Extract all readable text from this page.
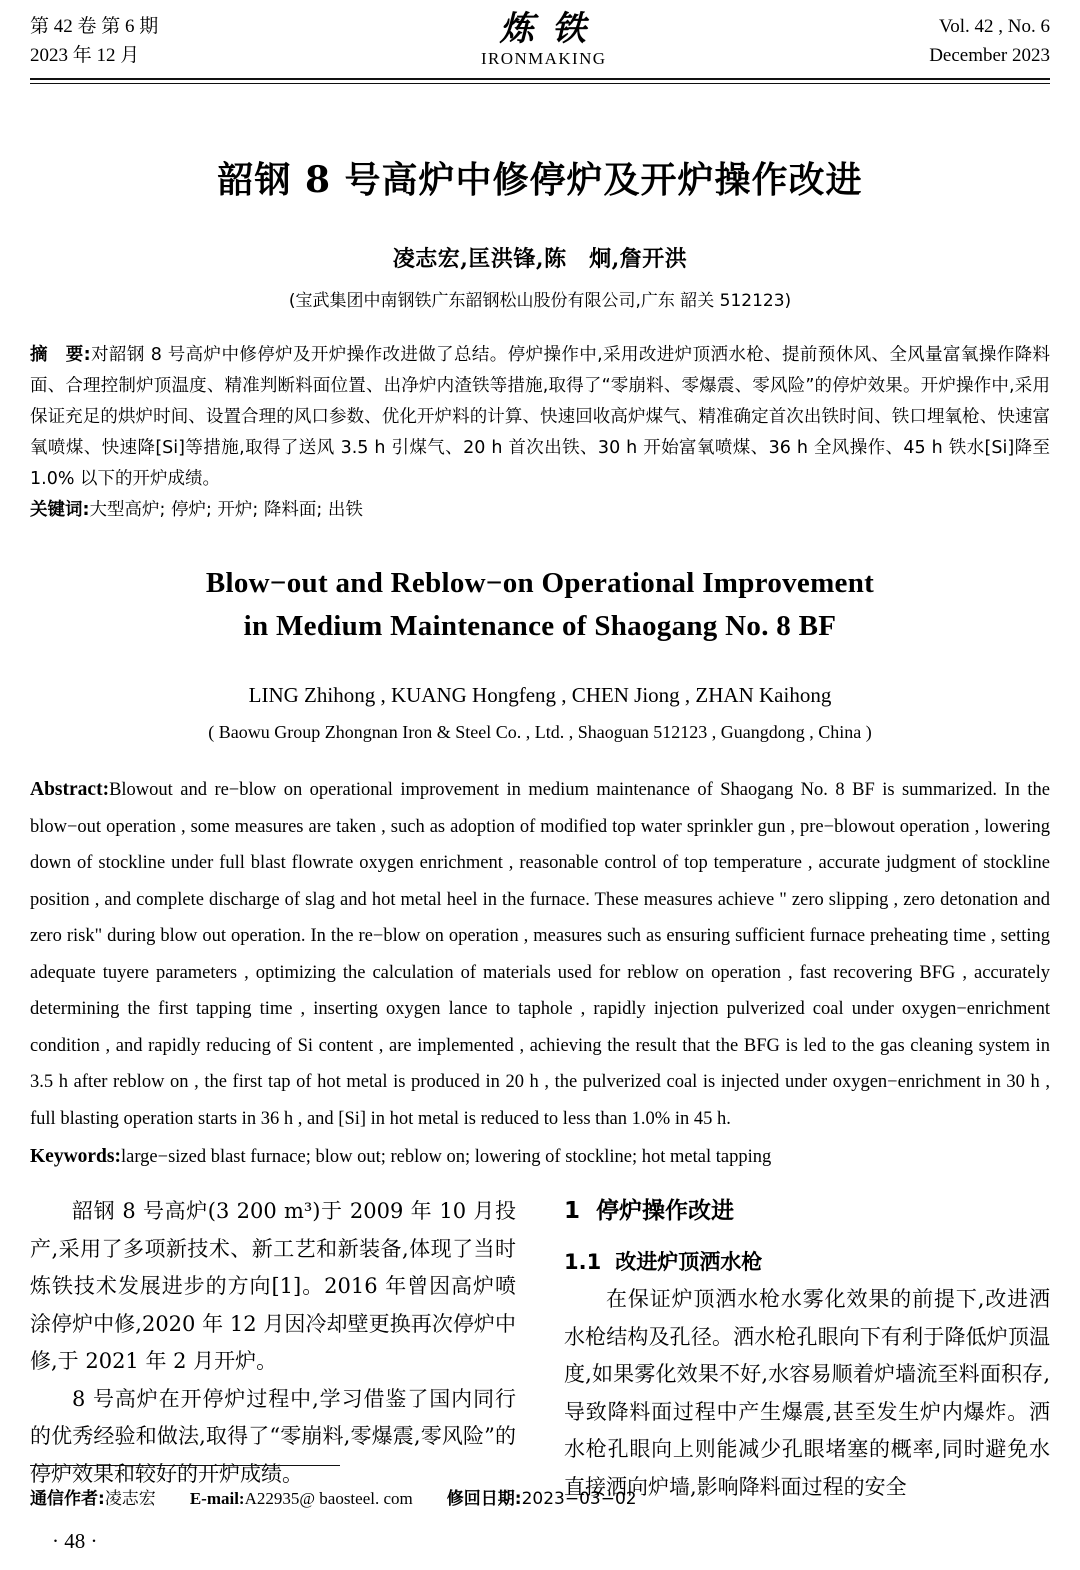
第 42 卷 第 6 期
2023 年 12 月
炼铁
IRONMAKING
Vol. 42 , No. 6
December 2023
韶钢 8 号高炉中修停炉及开炉操作改进
凌志宏,匡洪锋,陈　炯,詹开洪
(宝武集团中南钢铁广东韶钢松山股份有限公司,广东 韶关 512123)
摘　要:对韶钢 8 号高炉中修停炉及开炉操作改进做了总结。停炉操作中,采用改进炉顶洒水枪、提前预休风、全风量富氧操作降料面、合理控制炉顶温度、精准判断料面位置、出净炉内渣铁等措施,取得了“零崩料、零爆震、零风险”的停炉效果。开炉操作中,采用保证充足的烘炉时间、设置合理的风口参数、优化开炉料的计算、快速回收高炉煤气、精准确定首次出铁时间、铁口埋氧枪、快速富氧喷煤、快速降[Si]等措施,取得了送风 3.5 h 引煤气、20 h 首次出铁、30 h 开始富氧喷煤、36 h 全风操作、45 h 铁水[Si]降至 1.0% 以下的开炉成绩。
关键词:大型高炉; 停炉; 开炉; 降料面; 出铁
Blow−out and Reblow−on Operational Improvement
in Medium Maintenance of Shaogang No. 8 BF
LING Zhihong , KUANG Hongfeng , CHEN Jiong , ZHAN Kaihong
( Baowu Group Zhongnan Iron & Steel Co. , Ltd. , Shaoguan 512123 , Guangdong , China )
Abstract:Blowout and re−blow on operational improvement in medium maintenance of Shaogang No. 8 BF is summarized. In the blow−out operation , some measures are taken , such as adoption of modified top water sprinkler gun , pre−blowout operation , lowering down of stockline under full blast flowrate oxygen enrichment , reasonable control of top temperature , accurate judgment of stockline position , and complete discharge of slag and hot metal heel in the furnace. These measures achieve " zero slipping , zero detonation and zero risk" during blow out operation. In the re−blow on operation , measures such as ensuring sufficient furnace preheating time , setting adequate tuyere parameters , optimizing the calculation of materials used for reblow on operation , fast recovering BFG , accurately determining the first tapping time , inserting oxygen lance to taphole , rapidly injection pulverized coal under oxygen−enrichment condition , and rapidly reducing of Si content , are implemented , achieving the result that the BFG is led to the gas cleaning system in 3.5 h after reblow on , the first tap of hot metal is produced in 20 h , the pulverized coal is injected under oxygen−enrichment in 30 h , full blasting operation starts in 36 h , and [Si] in hot metal is reduced to less than 1.0% in 45 h.
Keywords:large−sized blast furnace; blow out; reblow on; lowering of stockline; hot metal tapping

韶钢 8 号高炉(3 200 m³)于 2009 年 10 月投产,采用了多项新技术、新工艺和新装备,体现了当时炼铁技术发展进步的方向[1]。2016 年曾因高炉喷涂停炉中修,2020 年 12 月因冷却壁更换再次停炉中修,于 2021 年 2 月开炉。

8 号高炉在开停炉过程中,学习借鉴了国内同行的优秀经验和做法,取得了“零崩料,零爆震,零风险”的停炉效果和较好的开炉成绩。

1 停炉操作改进
1.1 改进炉顶洒水枪

在保证炉顶洒水枪水雾化效果的前提下,改进洒水枪结构及孔径。洒水枪孔眼向下有利于降低炉顶温度,如果雾化效果不好,水容易顺着炉墙流至料面积存,导致降料面过程中产生爆震,甚至发生炉内爆炸。洒水枪孔眼向上则能减少孔眼堵塞的概率,同时避免水直接洒向炉墙,影响降料面过程的安全

通信作者:凌志宏 E-mail:A22935@ baosteel. com 修回日期:2023−03−02
· 48 ·
